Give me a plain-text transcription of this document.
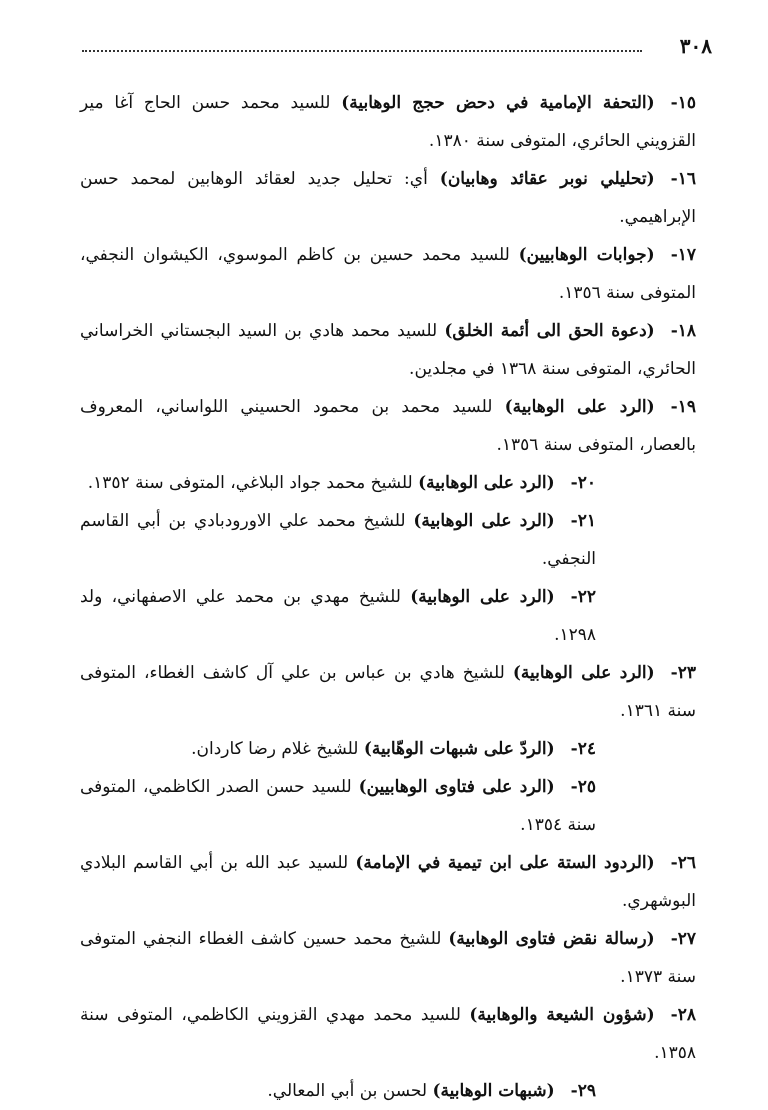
٣٠٨

١٥-(التحفة الإمامية في دحض حجج الوهابية) للسيد محمد حسن الحاج آغا مير القزويني الحائري، المتوفى سنة ١٣٨٠.

١٦-(تحليلي نوبر عقائد وهابيان) أي: تحليل جديد لعقائد الوهابين لمحمد حسن الإبراهيمي.

١٧-(جوابات الوهابيين) للسيد محمد حسين بن كاظم الموسوي، الكيشوان النجفي، المتوفى سنة ١٣٥٦.

١٨-(دعوة الحق الى أئمة الخلق) للسيد محمد هادي بن السيد البجستاني الخراساني الحائري، المتوفى سنة ١٣٦٨ في مجلدين.

١٩-(الرد على الوهابية) للسيد محمد بن محمود الحسيني اللواساني، المعروف بالعصار، المتوفى سنة ١٣٥٦.

٢٠-(الرد على الوهابية) للشيخ محمد جواد البلاغي، المتوفى سنة ١٣٥٢.

٢١-(الرد على الوهابية) للشيخ محمد علي الاورودبادي بن أبي القاسم النجفي.

٢٢-(الرد على الوهابية) للشيخ مهدي بن محمد علي الاصفهاني، ولد ١٢٩٨.

٢٣-(الرد على الوهابية) للشيخ هادي بن عباس بن علي آل كاشف الغطاء، المتوفى سنة ١٣٦١.

٢٤-(الردّ على شبهات الوهّابية) للشيخ غلام رضا كاردان.

٢٥-(الرد على فتاوى الوهابيين) للسيد حسن الصدر الكاظمي، المتوفى سنة ١٣٥٤.

٢٦-(الردود الستة على ابن تيمية في الإمامة) للسيد عبد الله بن أبي القاسم البلادي البوشهري.

٢٧-(رسالة نقض فتاوى الوهابية) للشيخ محمد حسين كاشف الغطاء النجفي المتوفى سنة ١٣٧٣.

٢٨-(شؤون الشيعة والوهابية) للسيد محمد مهدي القزويني الكاظمي، المتوفى سنة ١٣٥٨.

٢٩-(شبهات الوهابية) لحسن بن أبي المعالي.
